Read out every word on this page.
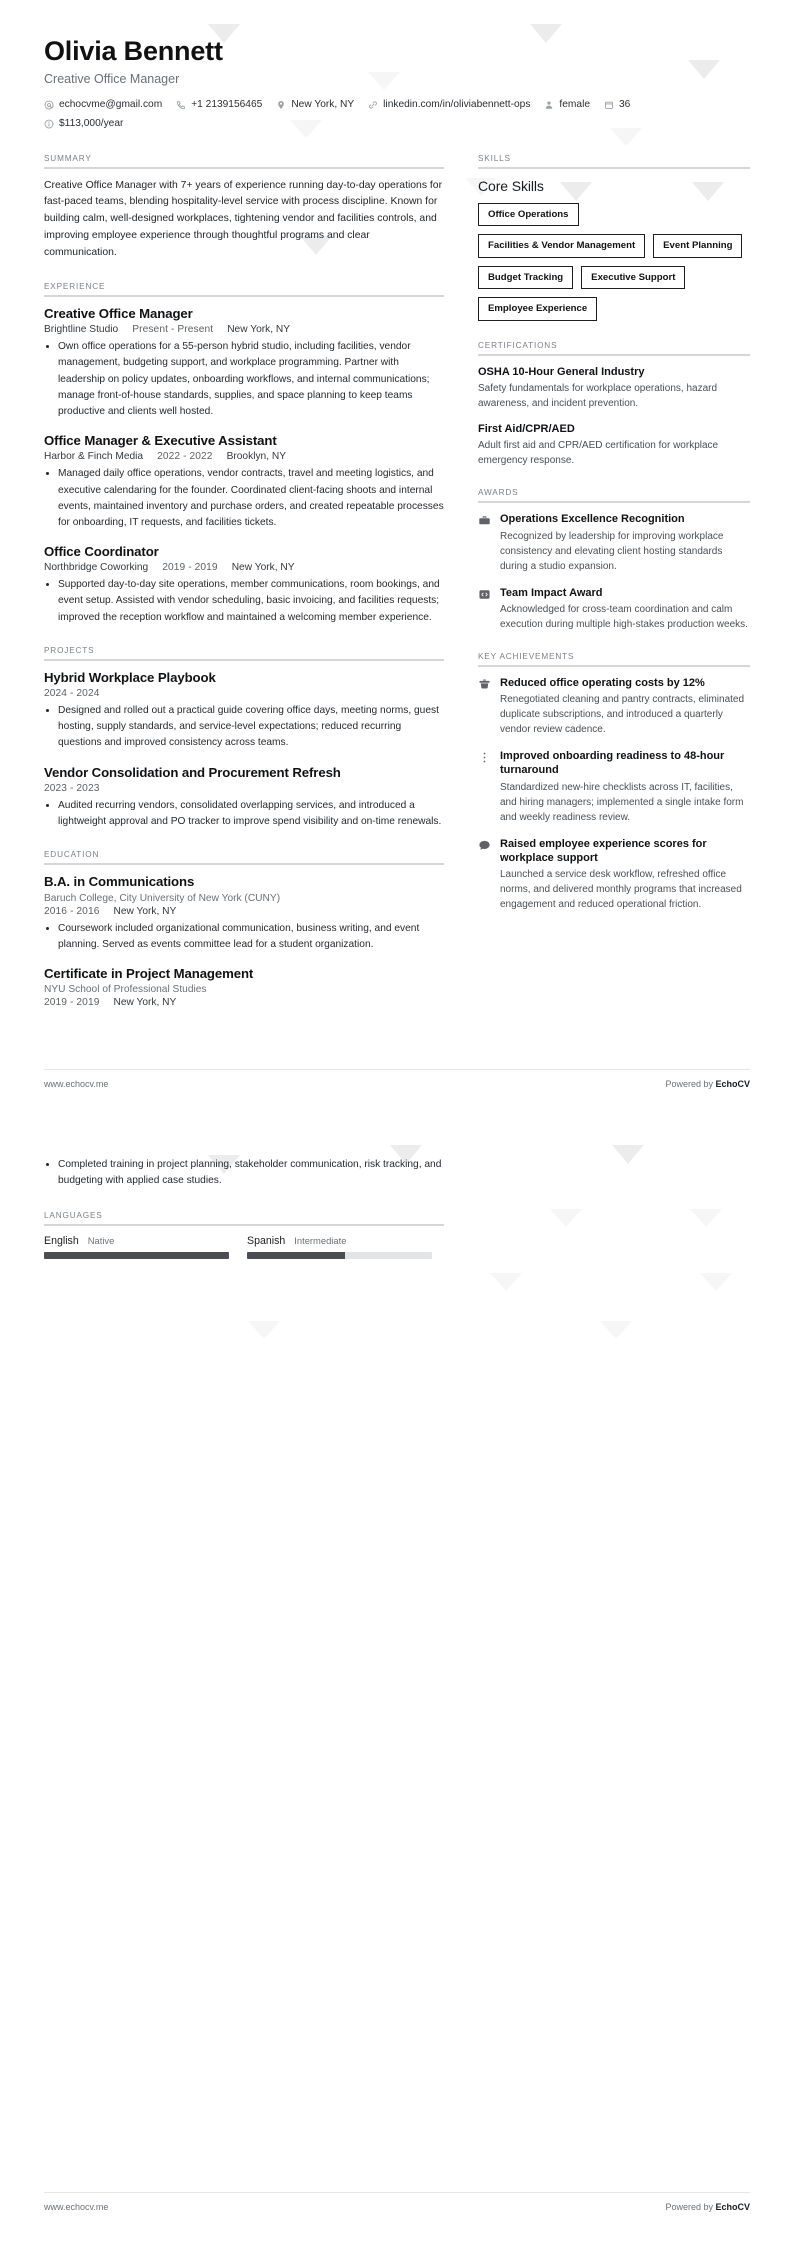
Olivia Bennett
Creative Office Manager
echocvme@gmail.com	+1 2139156465	New York, NY	linkedin.com/in/oliviabennett-ops	female	36
$113,000/year
SUMMARY
Creative Office Manager with 7+ years of experience running day-to-day operations for fast-paced teams, blending hospitality-level service with process discipline. Known for building calm, well-designed workplaces, tightening vendor and facilities controls, and improving employee experience through thoughtful programs and clear communication.
EXPERIENCE
Creative Office Manager
Brightline Studio Present - Present New York, NY
• Own office operations for a 55-person hybrid studio, including facilities, vendor management, budgeting support, and workplace programming. Partner with leadership on policy updates, onboarding workflows, and internal communications; manage front-of-house standards, supplies, and space planning to keep teams productive and clients well hosted.
Office Manager & Executive Assistant
Harbor & Finch Media 2022 - 2022 Brooklyn, NY
• Managed daily office operations, vendor contracts, travel and meeting logistics, and executive calendaring for the founder. Coordinated client-facing shoots and internal events, maintained inventory and purchase orders, and created repeatable processes for onboarding, IT requests, and facilities tickets.
Office Coordinator
Northbridge Coworking 2019 - 2019 New York, NY
• Supported day-to-day site operations, member communications, room bookings, and event setup. Assisted with vendor scheduling, basic invoicing, and facilities requests; improved the reception workflow and maintained a welcoming member experience.
PROJECTS
Hybrid Workplace Playbook
2024 - 2024
• Designed and rolled out a practical guide covering office days, meeting norms, guest hosting, supply standards, and service-level expectations; reduced recurring questions and improved consistency across teams.
Vendor Consolidation and Procurement Refresh
2023 - 2023
• Audited recurring vendors, consolidated overlapping services, and introduced a lightweight approval and PO tracker to improve spend visibility and on-time renewals.
EDUCATION
B.A. in Communications
Baruch College, City University of New York (CUNY)
2016 - 2016 New York, NY
• Coursework included organizational communication, business writing, and event planning. Served as events committee lead for a student organization.
Certificate in Project Management
NYU School of Professional Studies
2019 - 2019 New York, NY
SKILLS
Core Skills
Office Operations
Facilities & Vendor Management	Event Planning
Budget Tracking	Executive Support
Employee Experience
CERTIFICATIONS
OSHA 10-Hour General Industry
Safety fundamentals for workplace operations, hazard awareness, and incident prevention.
First Aid/CPR/AED
Adult first aid and CPR/AED certification for workplace emergency response.
AWARDS
Operations Excellence Recognition
Recognized by leadership for improving workplace consistency and elevating client hosting standards during a studio expansion.
Team Impact Award
Acknowledged for cross-team coordination and calm execution during multiple high-stakes production weeks.
KEY ACHIEVEMENTS
Reduced office operating costs by 12%
Renegotiated cleaning and pantry contracts, eliminated duplicate subscriptions, and introduced a quarterly vendor review cadence.
Improved onboarding readiness to 48-hour turnaround
Standardized new-hire checklists across IT, facilities, and hiring managers; implemented a single intake form and weekly readiness review.
Raised employee experience scores for workplace support
Launched a service desk workflow, refreshed office norms, and delivered monthly programs that increased engagement and reduced operational friction.
www.echocv.me	Powered by EchoCV
• Completed training in project planning, stakeholder communication, risk tracking, and budgeting with applied case studies.
LANGUAGES
English Native	Spanish Intermediate
www.echocv.me	Powered by EchoCV
